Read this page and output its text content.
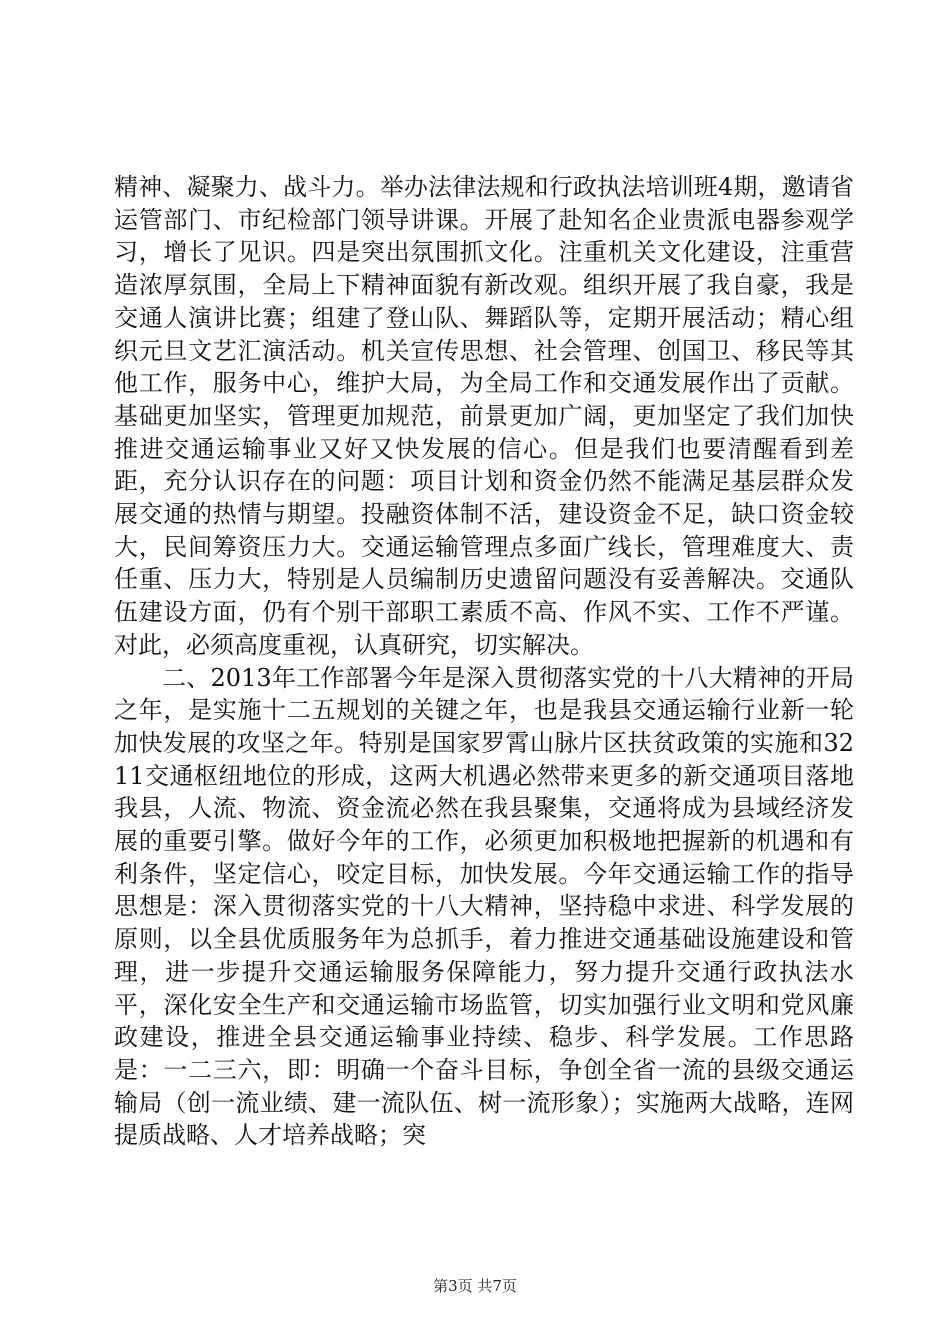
精神、凝聚力、战斗力。举办法律法规和行政执法培训班4期，邀请省运管部门、市纪检部门领导讲课。开展了赴知名企业贵派电器参观学习，增长了见识。四是突出氛围抓文化。注重机关文化建设，注重营造浓厚氛围，全局上下精神面貌有新改观。组织开展了我自豪，我是交通人演讲比赛；组建了登山队、舞蹈队等，定期开展活动；精心组织元旦文艺汇演活动。机关宣传思想、社会管理、创国卫、移民等其他工作，服务中心，维护大局，为全局工作和交通发展作出了贡献。基础更加坚实，管理更加规范，前景更加广阔，更加坚定了我们加快推进交通运输事业又好又快发展的信心。但是我们也要清醒看到差距，充分认识存在的问题：项目计划和资金仍然不能满足基层群众发展交通的热情与期望。投融资体制不活，建设资金不足，缺口资金较大，民间筹资压力大。交通运输管理点多面广线长，管理难度大、责任重、压力大，特别是人员编制历史遗留问题没有妥善解决。交通队伍建设方面，仍有个别干部职工素质不高、作风不实、工作不严谨。对此，必须高度重视，认真研究，切实解决。

二、2013年工作部署今年是深入贯彻落实党的十八大精神的开局之年，是实施十二五规划的关键之年，也是我县交通运输行业新一轮加快发展的攻坚之年。特别是国家罗霄山脉片区扶贫政策的实施和3211交通枢纽地位的形成，这两大机遇必然带来更多的新交通项目落地我县，人流、物流、资金流必然在我县聚集，交通将成为县域经济发展的重要引擎。做好今年的工作，必须更加积极地把握新的机遇和有利条件，坚定信心，咬定目标，加快发展。今年交通运输工作的指导思想是：深入贯彻落实党的十八大精神，坚持稳中求进、科学发展的原则，以全县优质服务年为总抓手，着力推进交通基础设施建设和管理，进一步提升交通运输服务保障能力，努力提升交通行政执法水平，深化安全生产和交通运输市场监管，切实加强行业文明和党风廉政建设，推进全县交通运输事业持续、稳步、科学发展。工作思路是：一二三六，即：明确一个奋斗目标，争创全省一流的县级交通运输局（创一流业绩、建一流队伍、树一流形象）；实施两大战略，连网提质战略、人才培养战略；突

第3页 共7页
